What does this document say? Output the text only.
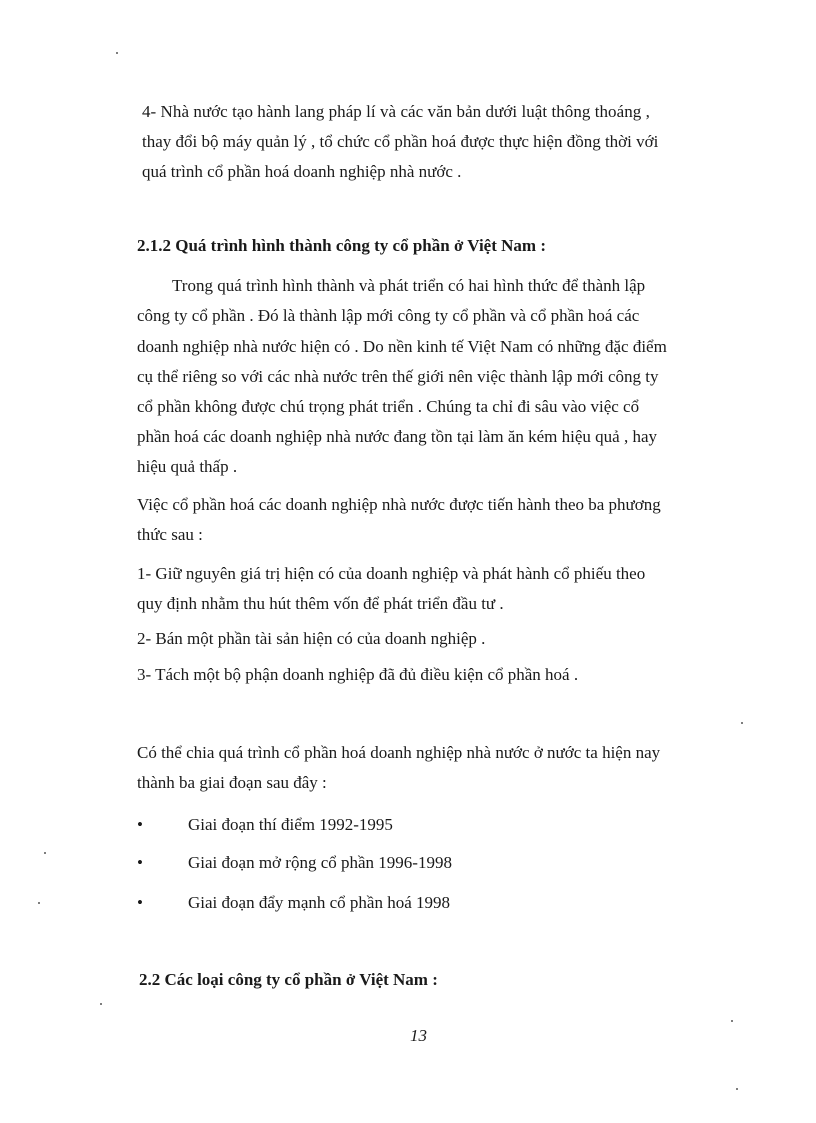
4- Nhà nước tạo hành lang pháp lí và các văn bản dưới luật thông thoáng ,
thay đổi bộ máy quản lý , tổ chức cổ phần hoá được thực hiện đồng thời với
quá trình cổ phần hoá doanh nghiệp nhà nước .
2.1.2 Quá trình hình thành công ty cổ phần ở Việt Nam :
Trong quá trình hình thành và phát triển có hai hình thức để thành lập
công ty cổ phần . Đó là thành lập mới công ty cổ phần và cổ phần hoá các
doanh nghiệp nhà nước hiện có . Do nền kinh tế Việt Nam có những đặc điểm
cụ thể riêng so với các nhà nước trên thế giới nên việc thành lập mới công ty
cổ phần không được chú trọng phát triển . Chúng ta chỉ đi sâu vào việc cổ
phần hoá các doanh nghiệp nhà nước đang tồn tại làm ăn kém hiệu quả , hay
hiệu quả thấp .
Việc cổ phần hoá các doanh nghiệp nhà nước được tiến hành theo ba phương
thức sau :
1- Giữ nguyên giá trị hiện có của doanh nghiệp và phát hành cổ phiếu theo
quy định nhằm thu hút thêm vốn để phát triển đầu tư .
2- Bán một phần tài sản hiện có của doanh nghiệp .
3- Tách một bộ phận doanh nghiệp đã đủ điều kiện cổ phần hoá .
Có thể chia quá trình cổ phần hoá doanh nghiệp nhà nước ở nước ta hiện nay
thành ba giai đoạn sau đây :
•	Giai đoạn thí điểm 1992-1995
•	Giai đoạn mở rộng cổ phần 1996-1998
•	Giai đoạn đẩy mạnh cổ phần hoá 1998
2.2 Các loại công ty cổ phần ở Việt Nam :
13
